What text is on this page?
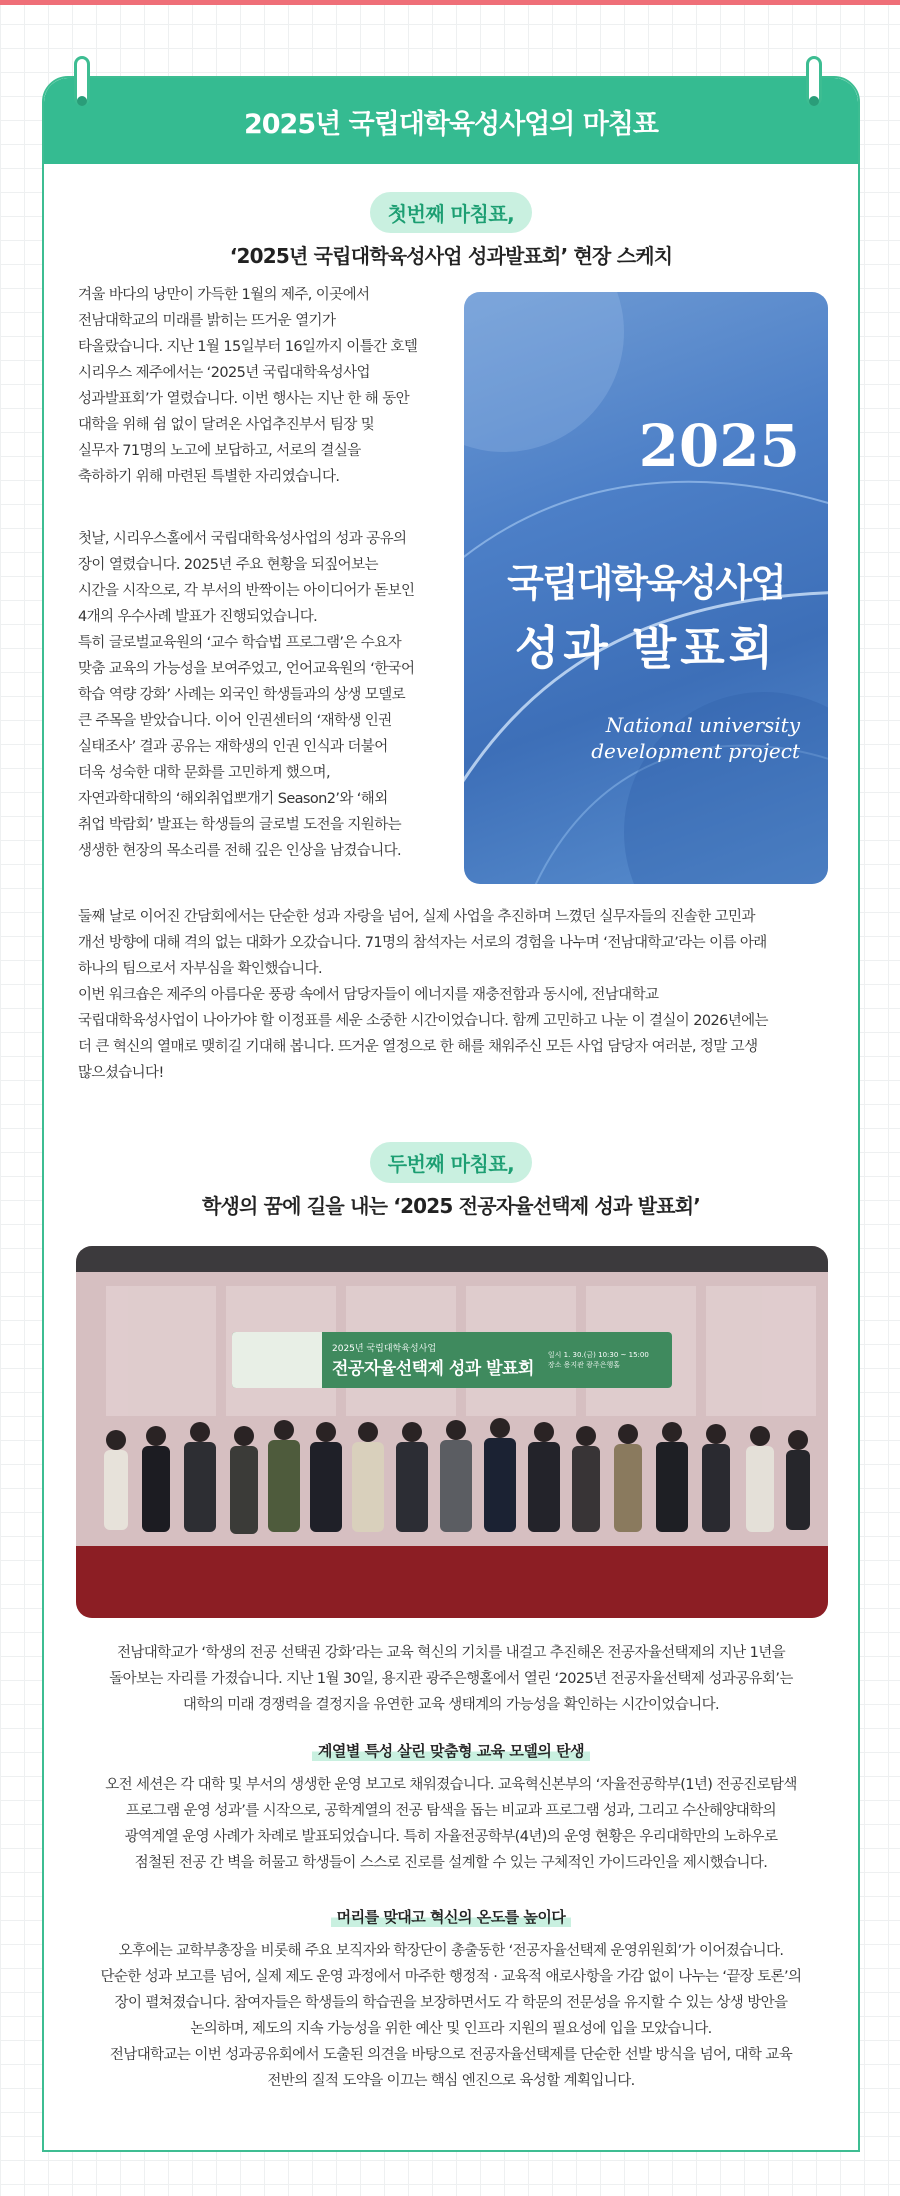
2025년 국립대학육성사업의 마침표
첫번째 마침표,
‘2025년 국립대학육성사업 성과발표회’ 현장 스케치

겨울 바다의 낭만이 가득한 1월의 제주, 이곳에서
전남대학교의 미래를 밝히는 뜨거운 열기가
타올랐습니다. 지난 1월 15일부터 16일까지 이틀간 호텔
시리우스 제주에서는 ‘2025년 국립대학육성사업
성과발표회’가 열렸습니다. 이번 행사는 지난 한 해 동안
대학을 위해 쉼 없이 달려온 사업추진부서 팀장 및
실무자 71명의 노고에 보답하고, 서로의 결실을
축하하기 위해 마련된 특별한 자리였습니다.

첫날, 시리우스홀에서 국립대학육성사업의 성과 공유의
장이 열렸습니다. 2025년 주요 현황을 되짚어보는
시간을 시작으로, 각 부서의 반짝이는 아이디어가 돋보인
4개의 우수사례 발표가 진행되었습니다.
특히 글로벌교육원의 ‘교수 학습법 프로그램’은 수요자
맞춤 교육의 가능성을 보여주었고, 언어교육원의 ‘한국어
학습 역량 강화’ 사례는 외국인 학생들과의 상생 모델로
큰 주목을 받았습니다. 이어 인권센터의 ‘재학생 인권
실태조사’ 결과 공유는 재학생의 인권 인식과 더불어
더욱 성숙한 대학 문화를 고민하게 했으며,
자연과학대학의 ‘해외취업뽀개기 Season2’와 ‘해외
취업 박람회’ 발표는 학생들의 글로벌 도전을 지원하는
생생한 현장의 목소리를 전해 깊은 인상을 남겼습니다.

2025
국립대학육성사업
성과 발표회
National university
development project

둘째 날로 이어진 간담회에서는 단순한 성과 자랑을 넘어, 실제 사업을 추진하며 느꼈던 실무자들의 진솔한 고민과
개선 방향에 대해 격의 없는 대화가 오갔습니다. 71명의 참석자는 서로의 경험을 나누며 ‘전남대학교’라는 이름 아래
하나의 팀으로서 자부심을 확인했습니다.
이번 워크숍은 제주의 아름다운 풍광 속에서 담당자들이 에너지를 재충전함과 동시에, 전남대학교
국립대학육성사업이 나아가야 할 이정표를 세운 소중한 시간이었습니다. 함께 고민하고 나눈 이 결실이 2026년에는
더 큰 혁신의 열매로 맺히길 기대해 봅니다. 뜨거운 열정으로 한 해를 채워주신 모든 사업 담당자 여러분, 정말 고생
많으셨습니다!

두번째 마침표,
학생의 꿈에 길을 내는 ‘2025 전공자율선택제 성과 발표회’
2025년 국립대학육성사업
전공자율선택제 성과 발표회
일시 1. 30.(금) 10:30 ~ 15:00
장소 용지관 광주은행홀

전남대학교가 ‘학생의 전공 선택권 강화’라는 교육 혁신의 기치를 내걸고 추진해온 전공자율선택제의 지난 1년을
돌아보는 자리를 가졌습니다. 지난 1월 30일, 용지관 광주은행홀에서 열린 ‘2025년 전공자율선택제 성과공유회’는
대학의 미래 경쟁력을 결정지을 유연한 교육 생태계의 가능성을 확인하는 시간이었습니다.

계열별 특성 살린 맞춤형 교육 모델의 탄생

오전 세션은 각 대학 및 부서의 생생한 운영 보고로 채워졌습니다. 교육혁신본부의 ‘자율전공학부(1년) 전공진로탐색
프로그램 운영 성과’를 시작으로, 공학계열의 전공 탐색을 돕는 비교과 프로그램 성과, 그리고 수산해양대학의
광역계열 운영 사례가 차례로 발표되었습니다. 특히 자율전공학부(4년)의 운영 현황은 우리대학만의 노하우로
점철된 전공 간 벽을 허물고 학생들이 스스로 진로를 설계할 수 있는 구체적인 가이드라인을 제시했습니다.

머리를 맞대고 혁신의 온도를 높이다

오후에는 교학부총장을 비롯해 주요 보직자와 학장단이 총출동한 ‘전공자율선택제 운영위원회’가 이어졌습니다.
단순한 성과 보고를 넘어, 실제 제도 운영 과정에서 마주한 행정적 · 교육적 애로사항을 가감 없이 나누는 ‘끝장 토론’의
장이 펼쳐졌습니다. 참여자들은 학생들의 학습권을 보장하면서도 각 학문의 전문성을 유지할 수 있는 상생 방안을
논의하며, 제도의 지속 가능성을 위한 예산 및 인프라 지원의 필요성에 입을 모았습니다.
전남대학교는 이번 성과공유회에서 도출된 의견을 바탕으로 전공자율선택제를 단순한 선발 방식을 넘어, 대학 교육
전반의 질적 도약을 이끄는 핵심 엔진으로 육성할 계획입니다.
